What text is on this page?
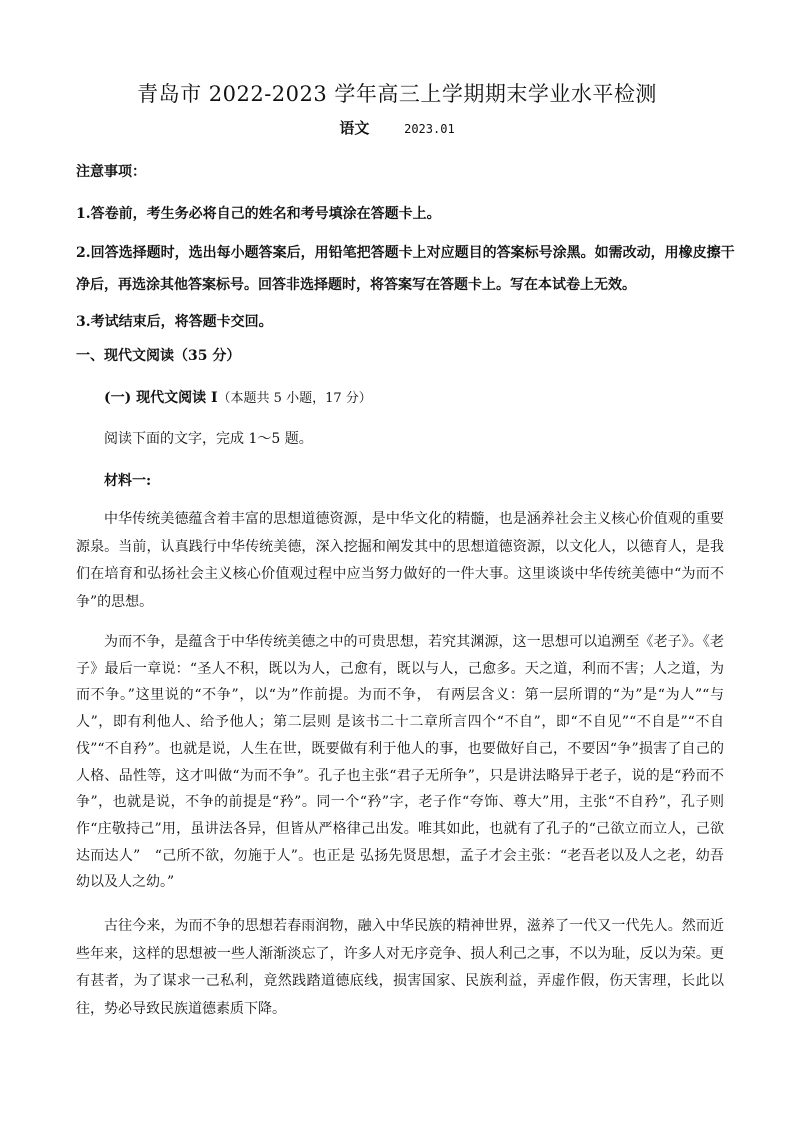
青岛市 2022-2023 学年高三上学期期末学业水平检测
语文	2023.01

注意事项：

1.答卷前，考生务必将自己的姓名和考号填涂在答题卡上。

2.回答选择题时，选出每小题答案后，用铅笔把答题卡上对应题目的答案标号涂黑。如需改动，用橡皮擦干净后，再选涂其他答案标号。回答非选择题时，将答案写在答题卡上。写在本试卷上无效。

3.考试结束后，将答题卡交回。

一、现代文阅读（35 分）

(一) 现代文阅读 I（本题共 5 小题，17 分）

阅读下面的文字，完成 1～5 题。

材料一:

中华传统美德蕴含着丰富的思想道德资源，是中华文化的精髓，也是涵养社会主义核心价值观的重要源泉。当前，认真践行中华传统美德，深入挖掘和阐发其中的思想道德资源，以文化人，以德育人，是我们在培育和弘扬社会主义核心价值观过程中应当努力做好的一件大事。这里谈谈中华传统美德中“为而不争”的思想。

为而不争，是蕴含于中华传统美德之中的可贵思想，若究其渊源，这一思想可以追溯至《老子》。《老子》最后一章说：“圣人不积，既以为人，己愈有，既以与人，己愈多。天之道，利而不害；人之道，为而不争。”这里说的“不争”，以“为”作前提。为而不争， 有两层含义：第一层所谓的“为”是“为人”“与人”，即有利他人、给予他人；第二层则 是该书二十二章所言四个“不自”，即“不自见”“不自是”“不自伐”“不自矜”。也就是说，人生在世，既要做有利于他人的事，也要做好自己，不要因“争”损害了自己的人格、品性等，这才叫做“为而不争”。孔子也主张“君子无所争”，只是讲法略异于老子，说的是“矜而不争”，也就是说，不争的前提是“矜”。同一个“矜”字，老子作“夸饰、尊大”用，主张“不自矜”，孔子则作“庄敬持己”用，虽讲法各异，但皆从严格律己出发。唯其如此，也就有了孔子的“己欲立而立人，己欲达而达人”　“己所不欲，勿施于人”。也正是 弘扬先贤思想，孟子才会主张：“老吾老以及人之老，幼吾幼以及人之幼。”

古往今来，为而不争的思想若春雨润物，融入中华民族的精神世界，滋养了一代又一代先人。然而近些年来，这样的思想被一些人渐渐淡忘了，许多人对无序竞争、损人利己之事，不以为耻，反以为荣。更有甚者，为了谋求一己私利，竟然践踏道德底线，损害国家、民族利益，弄虚作假，伤天害理，长此以往，势必导致民族道德素质下降。
